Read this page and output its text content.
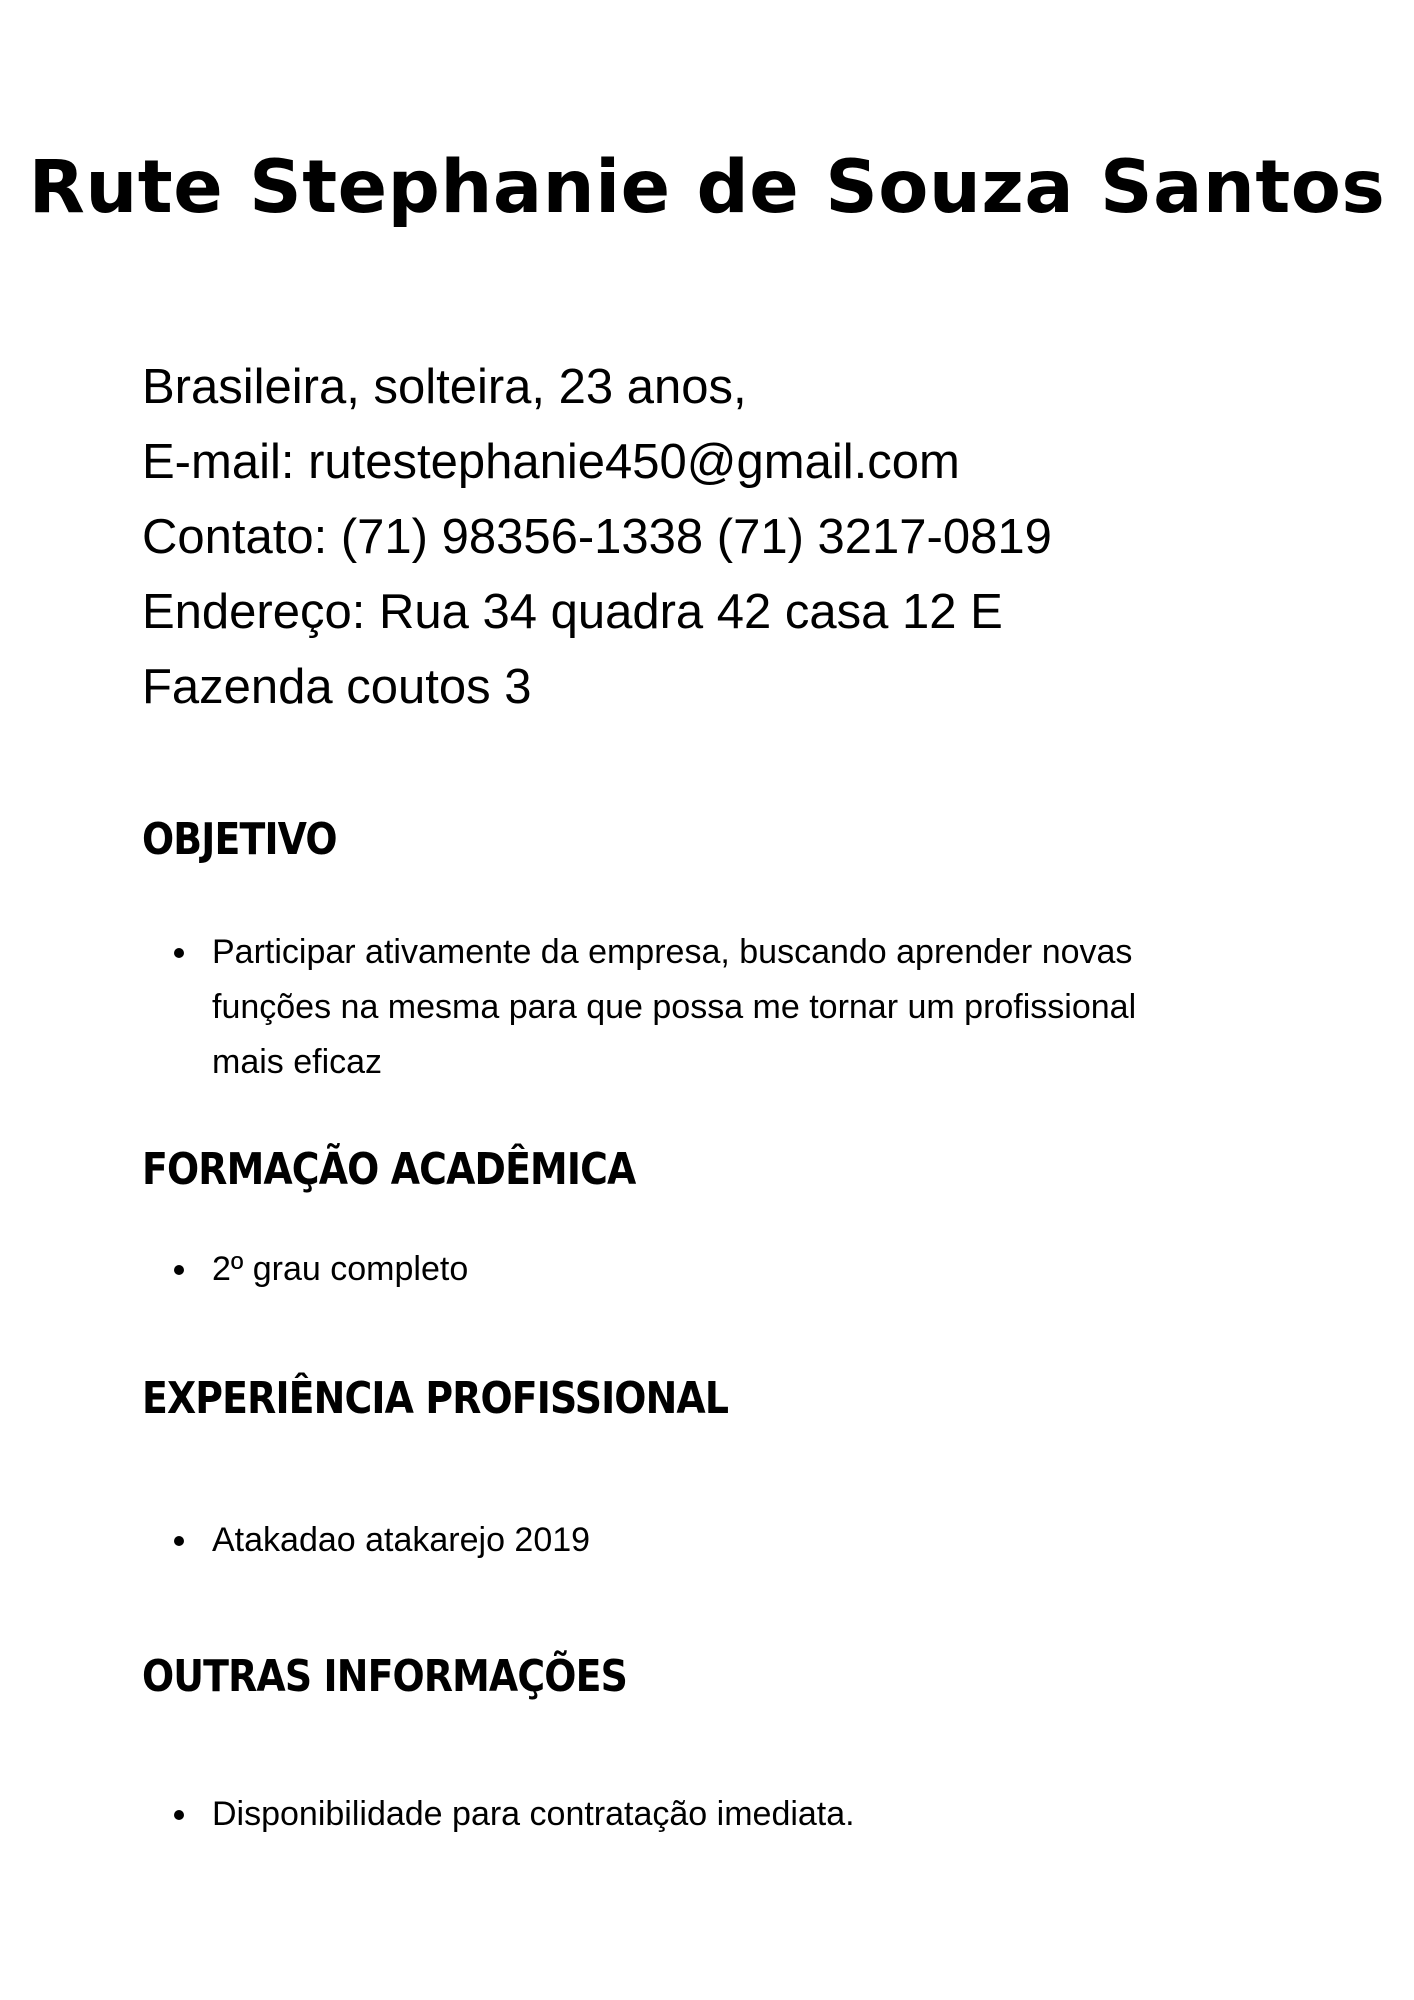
Rute Stephanie de Souza Santos
Brasileira, solteira, 23 anos,
E-mail: rutestephanie450@gmail.com
Contato: (71) 98356-1338 (71) 3217-0819
Endereço: Rua 34 quadra 42 casa 12 E
Fazenda coutos 3
OBJETIVO
Participar ativamente da empresa, buscando aprender novas funções na mesma para que possa me tornar um profissional mais eficaz
FORMAÇÃO ACADÊMICA
2º grau completo
EXPERIÊNCIA PROFISSIONAL
Atakadao atakarejo 2019
OUTRAS INFORMAÇÕES
Disponibilidade para contratação imediata.
